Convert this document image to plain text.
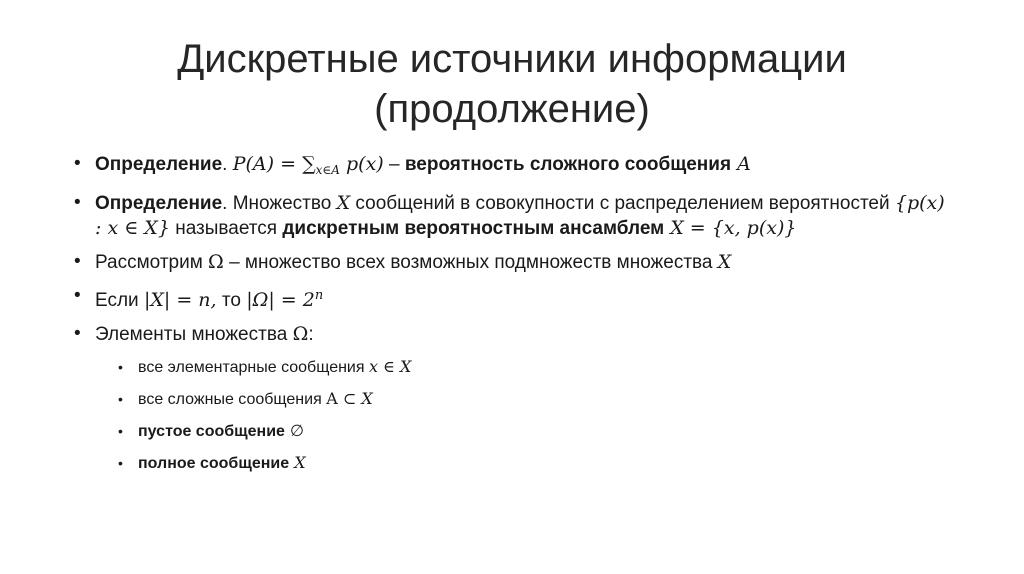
Дискретные источники информации
(продолжение)
• Определение. $P(A) = \sum_{x\in A}$ p(x) – вероятность сложного сообщения A
• Определение. Множество X сообщений в совокупности с распределением вероятностей {p(x) : x ∈ X} называется дискретным вероятностным ансамблем X = {x, p(x)}
• Рассмотрим Ω – множество всех возможных подмножеств множества X
• Если |X| = n, то $|\Omega| = 2^n$
• Элементы множества Ω:
• все элементарные сообщения x ∈ X
• все сложные сообщения A ⊂ X
• пустое сообщение ∅
• полное сообщение X
